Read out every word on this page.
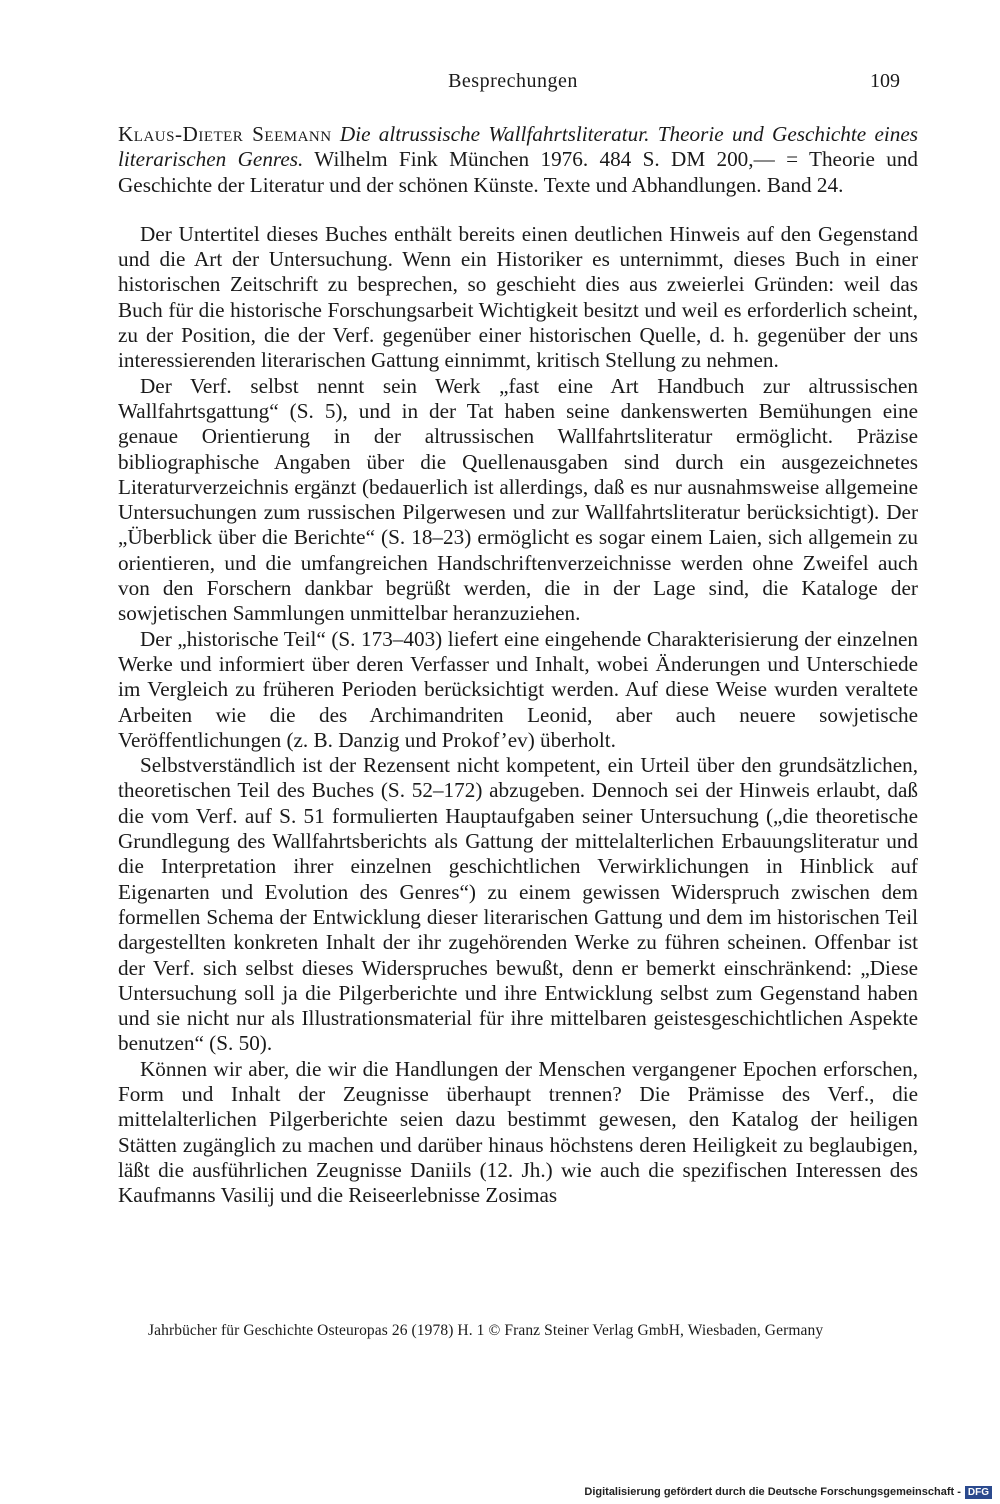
Besprechungen	109

Klaus-Dieter Seemann Die altrussische Wallfahrtsliteratur. Theorie und Geschichte eines literarischen Genres. Wilhelm Fink München 1976. 484 S. DM 200,— = Theorie und Geschichte der Literatur und der schönen Künste. Texte und Abhandlungen. Band 24.

Der Untertitel dieses Buches enthält bereits einen deutlichen Hinweis auf den Gegenstand und die Art der Untersuchung. Wenn ein Historiker es unternimmt, dieses Buch in einer historischen Zeitschrift zu besprechen, so geschieht dies aus zweierlei Gründen: weil das Buch für die historische Forschungsarbeit Wichtigkeit besitzt und weil es erforderlich scheint, zu der Position, die der Verf. gegenüber einer historischen Quelle, d. h. gegenüber der uns interessierenden literarischen Gattung einnimmt, kritisch Stellung zu nehmen.

Der Verf. selbst nennt sein Werk „fast eine Art Handbuch zur altrussischen Wallfahrtsgattung“ (S. 5), und in der Tat haben seine dankenswerten Bemühungen eine genaue Orientierung in der altrussischen Wallfahrtsliteratur ermöglicht. Präzise bibliographische Angaben über die Quellenausgaben sind durch ein ausgezeichnetes Literaturverzeichnis ergänzt (bedauerlich ist allerdings, daß es nur ausnahmsweise allgemeine Untersuchungen zum russischen Pilgerwesen und zur Wallfahrtsliteratur berücksichtigt). Der „Überblick über die Berichte“ (S. 18–23) ermöglicht es sogar einem Laien, sich allgemein zu orientieren, und die umfangreichen Handschriftenverzeichnisse werden ohne Zweifel auch von den Forschern dankbar begrüßt werden, die in der Lage sind, die Kataloge der sowjetischen Sammlungen unmittelbar heranzuziehen.

Der „historische Teil“ (S. 173–403) liefert eine eingehende Charakterisierung der einzelnen Werke und informiert über deren Verfasser und Inhalt, wobei Änderungen und Unterschiede im Vergleich zu früheren Perioden berücksichtigt werden. Auf diese Weise wurden veraltete Arbeiten wie die des Archimandriten Leonid, aber auch neuere sowjetische Veröffentlichungen (z. B. Danzig und Prokof’ev) überholt.

Selbstverständlich ist der Rezensent nicht kompetent, ein Urteil über den grundsätzlichen, theoretischen Teil des Buches (S. 52–172) abzugeben. Dennoch sei der Hinweis erlaubt, daß die vom Verf. auf S. 51 formulierten Hauptaufgaben seiner Untersuchung („die theoretische Grundlegung des Wallfahrtsberichts als Gattung der mittelalterlichen Erbauungsliteratur und die Interpretation ihrer einzelnen geschichtlichen Verwirklichungen in Hinblick auf Eigenarten und Evolution des Genres“) zu einem gewissen Widerspruch zwischen dem formellen Schema der Entwicklung dieser literarischen Gattung und dem im historischen Teil dargestellten konkreten Inhalt der ihr zugehörenden Werke zu führen scheinen. Offenbar ist der Verf. sich selbst dieses Widerspruches bewußt, denn er bemerkt einschränkend: „Diese Untersuchung soll ja die Pilgerberichte und ihre Entwicklung selbst zum Gegenstand haben und sie nicht nur als Illustrationsmaterial für ihre mittelbaren geistesgeschichtlichen Aspekte benutzen“ (S. 50).

Können wir aber, die wir die Handlungen der Menschen vergangener Epochen erforschen, Form und Inhalt der Zeugnisse überhaupt trennen? Die Prämisse des Verf., die mittelalterlichen Pilgerberichte seien dazu bestimmt gewesen, den Katalog der heiligen Stätten zugänglich zu machen und darüber hinaus höchstens deren Heiligkeit zu beglaubigen, läßt die ausführlichen Zeugnisse Daniils (12. Jh.) wie auch die spezifischen Interessen des Kaufmanns Vasilij und die Reiseerlebnisse Zosimas

Jahrbücher für Geschichte Osteuropas 26 (1978) H. 1 © Franz Steiner Verlag GmbH, Wiesbaden, Germany
Digitalisierung gefördert durch die Deutsche Forschungsgemeinschaft - DFG
